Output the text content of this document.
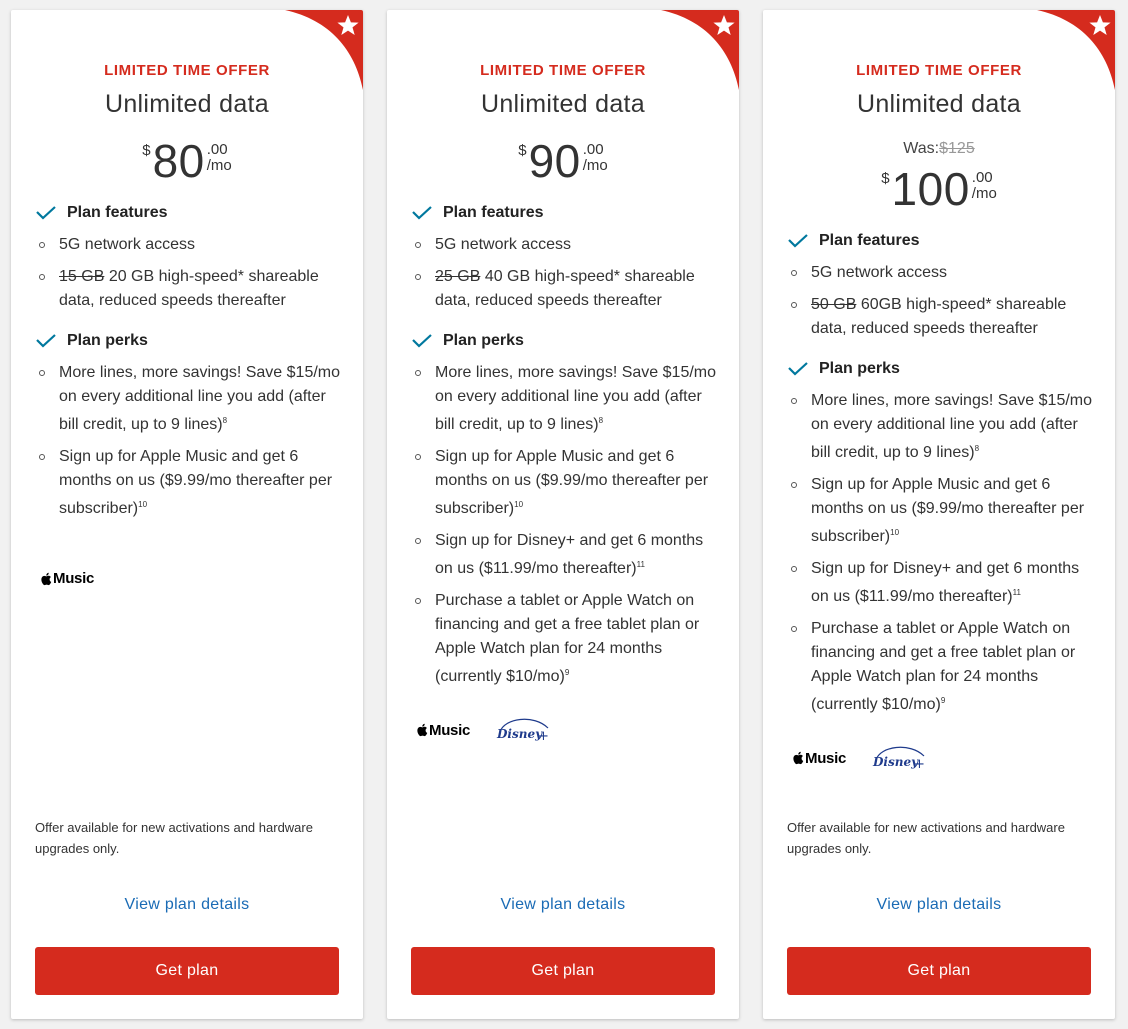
LIMITED TIME OFFER
Unlimited data
$ 80 .00
/mo
Plan features
5G network access
15 GB 20 GB high-speed* shareable data, reduced speeds thereafter
Plan perks
More lines, more savings! Save $15/mo on every additional line you add (after bill credit, up to 9 lines)$^8$
Sign up for Apple Music and get 6 months on us ($9.99/mo thereafter per subscriber)$^{10}$
Music
Offer available for new activations and hardware upgrades only.
View plan details
Get plan
LIMITED TIME OFFER
Unlimited data
$ 90 .00
/mo
Plan features
5G network access
25 GB 40 GB high-speed* shareable data, reduced speeds thereafter
Plan perks
More lines, more savings! Save $15/mo on every additional line you add (after bill credit, up to 9 lines)$^8$
Sign up for Apple Music and get 6 months on us ($9.99/mo thereafter per subscriber)$^{10}$
Sign up for Disney+ and get 6 months on us ($11.99/mo thereafter)$^{11}$
Purchase a tablet or Apple Watch on financing and get a free tablet plan or Apple Watch plan for 24 months (currently $10/mo)$^9$
Music Disney
+
View plan details
Get plan
LIMITED TIME OFFER
Unlimited data
Was:$125
$ 100 .00
/mo
Plan features
5G network access
50 GB 60GB high-speed* shareable data, reduced speeds thereafter
Plan perks
More lines, more savings! Save $15/mo on every additional line you add (after bill credit, up to 9 lines)$^8$
Sign up for Apple Music and get 6 months on us ($9.99/mo thereafter per subscriber)$^{10}$
Sign up for Disney+ and get 6 months on us ($11.99/mo thereafter)$^{11}$
Purchase a tablet or Apple Watch on financing and get a free tablet plan or Apple Watch plan for 24 months (currently $10/mo)$^9$
Music Disney
+
Offer available for new activations and hardware upgrades only.
View plan details
Get plan
